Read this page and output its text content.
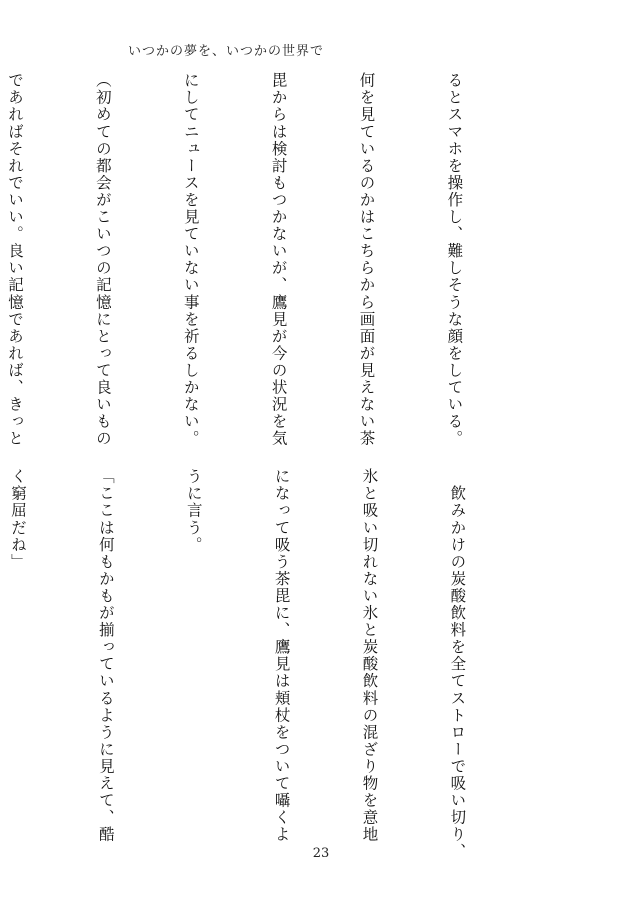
いつかの夢を、いつかの世界で

るとスマホを操作し、難しそうな顔をしている。

何を見ているのかはこちらから画面が見えない茶

毘からは検討もつかないが、鷹見が今の状況を気

にしてニュースを見ていない事を祈るしかない。

（初めての都会がこいつの記憶にとって良いもの

であればそれでいい。良い記憶であれば、きっと

　飲みかけの炭酸飲料を全てストローで吸い切り、

氷と吸い切れない氷と炭酸飲料の混ざり物を意地

になって吸う茶毘に、鷹見は頬杖をついて囁くよ

うに言う。

「ここは何もかもが揃っているように見えて、酷

く窮屈だね」

23
